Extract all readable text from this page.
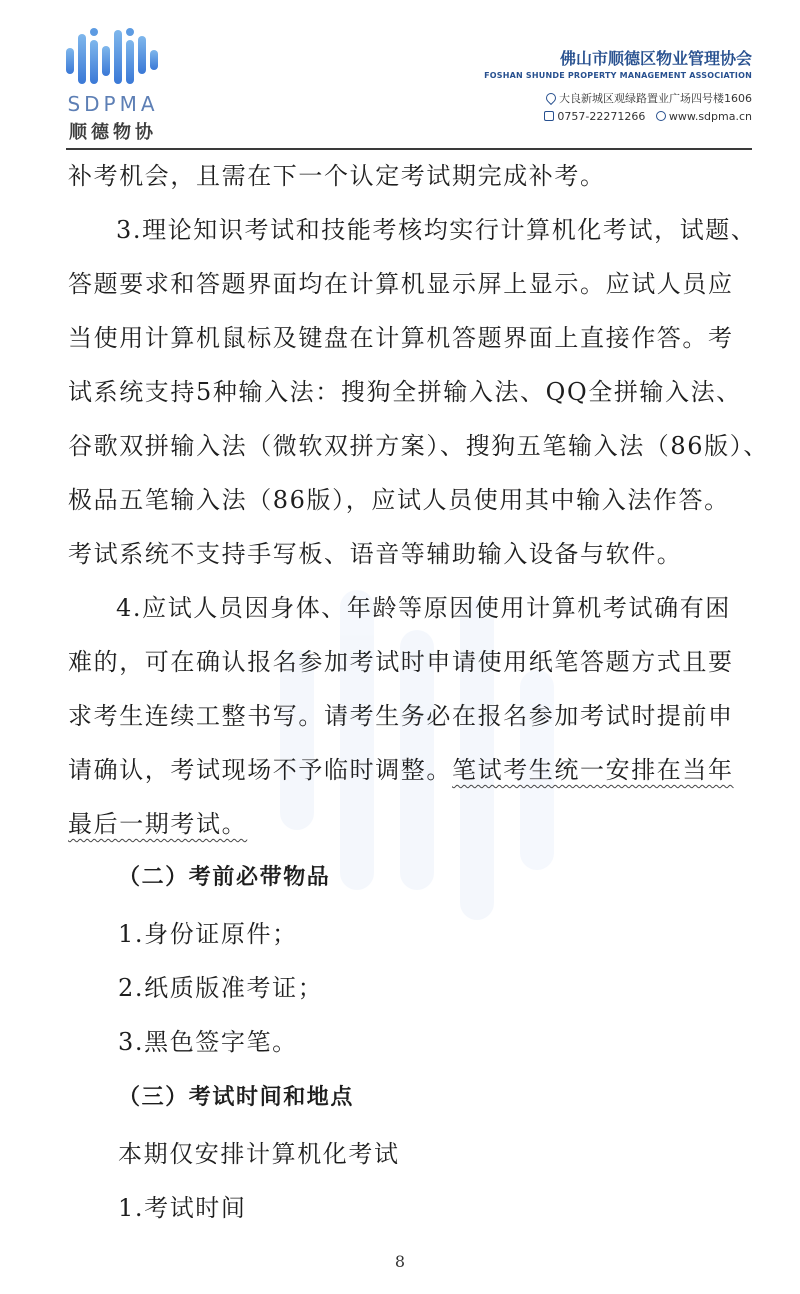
SDPMA
顺德物协
佛山市顺德区物业管理协会
FOSHAN SHUNDE PROPERTY MANAGEMENT ASSOCIATION
大良新城区观绿路置业广场四号楼1606
0757-22271266 www.sdpma.cn
补考机会，且需在下一个认定考试期完成补考。
3.理论知识考试和技能考核均实行计算机化考试，试题、
答题要求和答题界面均在计算机显示屏上显示。应试人员应
当使用计算机鼠标及键盘在计算机答题界面上直接作答。考
试系统支持5种输入法：搜狗全拼输入法、QQ全拼输入法、
谷歌双拼输入法（微软双拼方案）、搜狗五笔输入法（86版）、
极品五笔输入法（86版），应试人员使用其中输入法作答。
考试系统不支持手写板、语音等辅助输入设备与软件。
4.应试人员因身体、年龄等原因使用计算机考试确有困
难的，可在确认报名参加考试时申请使用纸笔答题方式且要
求考生连续工整书写。请考生务必在报名参加考试时提前申
请确认，考试现场不予临时调整。笔试考生统一安排在当年
最后一期考试。
（二）考前必带物品
1.身份证原件；
2.纸质版准考证；
3.黑色签字笔。
（三）考试时间和地点
本期仅安排计算机化考试
1.考试时间
8
